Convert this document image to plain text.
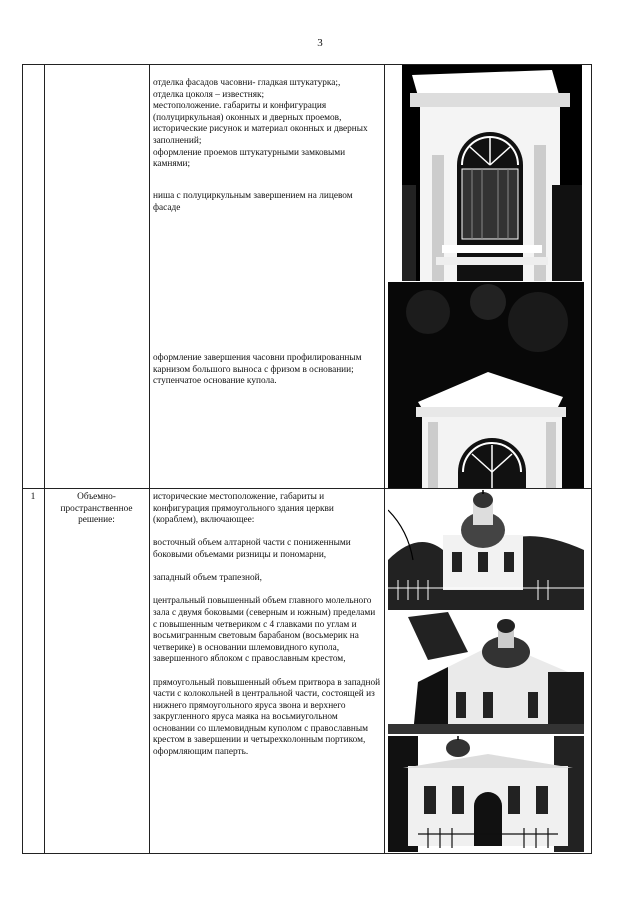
3

отделка фасадов часовни- гладкая штукатурка;,

отделка цоколя – известняк;

местоположение. габариты и конфигурация (полуциркульная) оконных и дверных проемов, исторические рисунок и материал оконных и дверных заполнений;

оформление проемов штукатурными замковыми камнями;

ниша с полуциркульным завершением на лицевом фасаде

оформление завершения часовни профилированным карнизом большого выноса с фризом в основании;

ступенчатое основание купола.

1	Объемно-пространственное решение:

исторические местоположение, габариты и конфигурация прямоугольного здания церкви (кораблем), включающее:

восточный объем алтарной части с пониженными боковыми объемами ризницы и пономарни,

западный объем трапезной,

центральный повышенный объем главного молельного зала с двумя боковыми (северным и южным) пределами с повышенным четвериком с 4 главками по углам и восьмигранным световым барабаном (восьмерик на четверике) в основании шлемовидного купола, завершенного яблоком с православным крестом,

прямоугольный повышенный объем притвора в западной части с колокольней в центральной части, состоящей из нижнего прямоугольного яруса звона и верхнего закругленного яруса маяка на восьмиугольном основании со шлемовидным куполом с православным крестом в завершении и четырехколонным портиком, оформляющим паперть.
